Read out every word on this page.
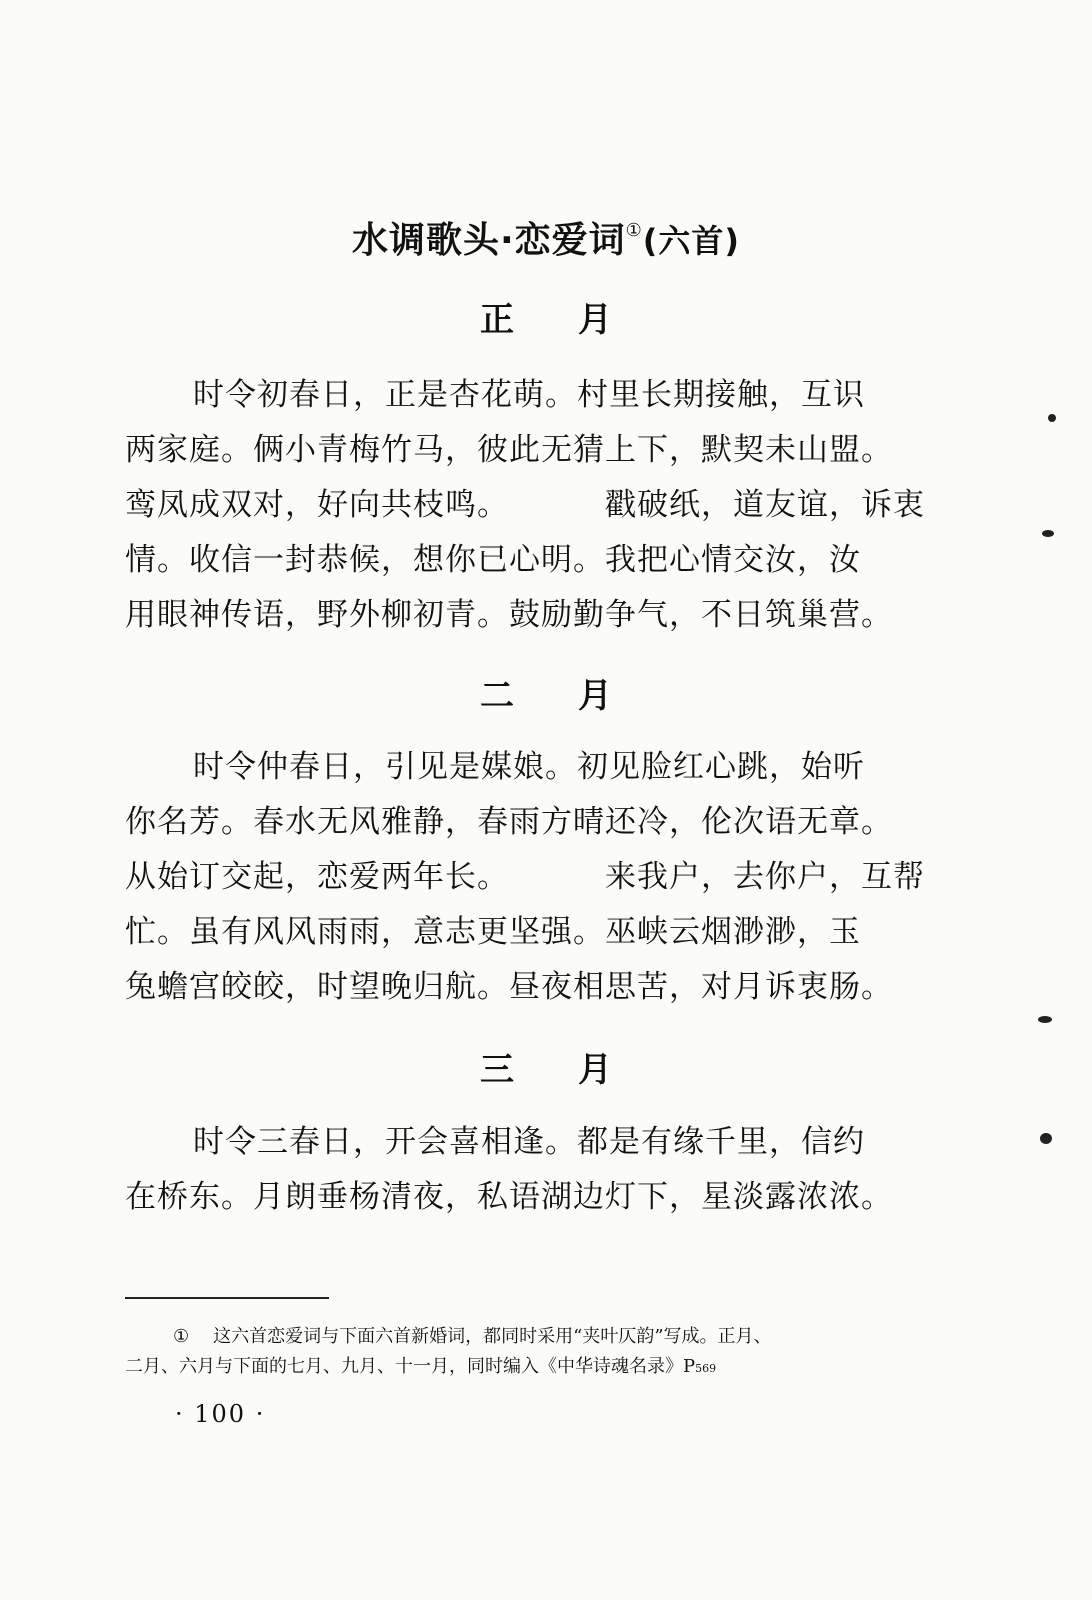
水调歌头·恋爱词①(六首)
正月
时令初春日，正是杏花萌。村里长期接触，互识
两家庭。俩小青梅竹马，彼此无猜上下，默契未山盟。
鸾凤成双对，好向共枝鸣。	戳破纸，道友谊，诉衷
情。收信一封恭候，想你已心明。我把心情交汝，汝
用眼神传语，野外柳初青。鼓励勤争气，不日筑巢营。
二月
时令仲春日，引见是媒娘。初见脸红心跳，始听
你名芳。春水无风雅静，春雨方晴还冷，伦次语无章。
从始订交起，恋爱两年长。	来我户，去你户，互帮
忙。虽有风风雨雨，意志更坚强。巫峡云烟渺渺，玉
兔蟾宫皎皎，时望晚归航。昼夜相思苦，对月诉衷肠。
三月
时令三春日，开会喜相逢。都是有缘千里，信约
在桥东。月朗垂杨清夜，私语湖边灯下，星淡露浓浓。
① 这六首恋爱词与下面六首新婚词，都同时采用“夹叶仄韵”写成。正月、
二月、六月与下面的七月、九月、十一月，同时编入《中华诗魂名录》P569
· 100 ·
